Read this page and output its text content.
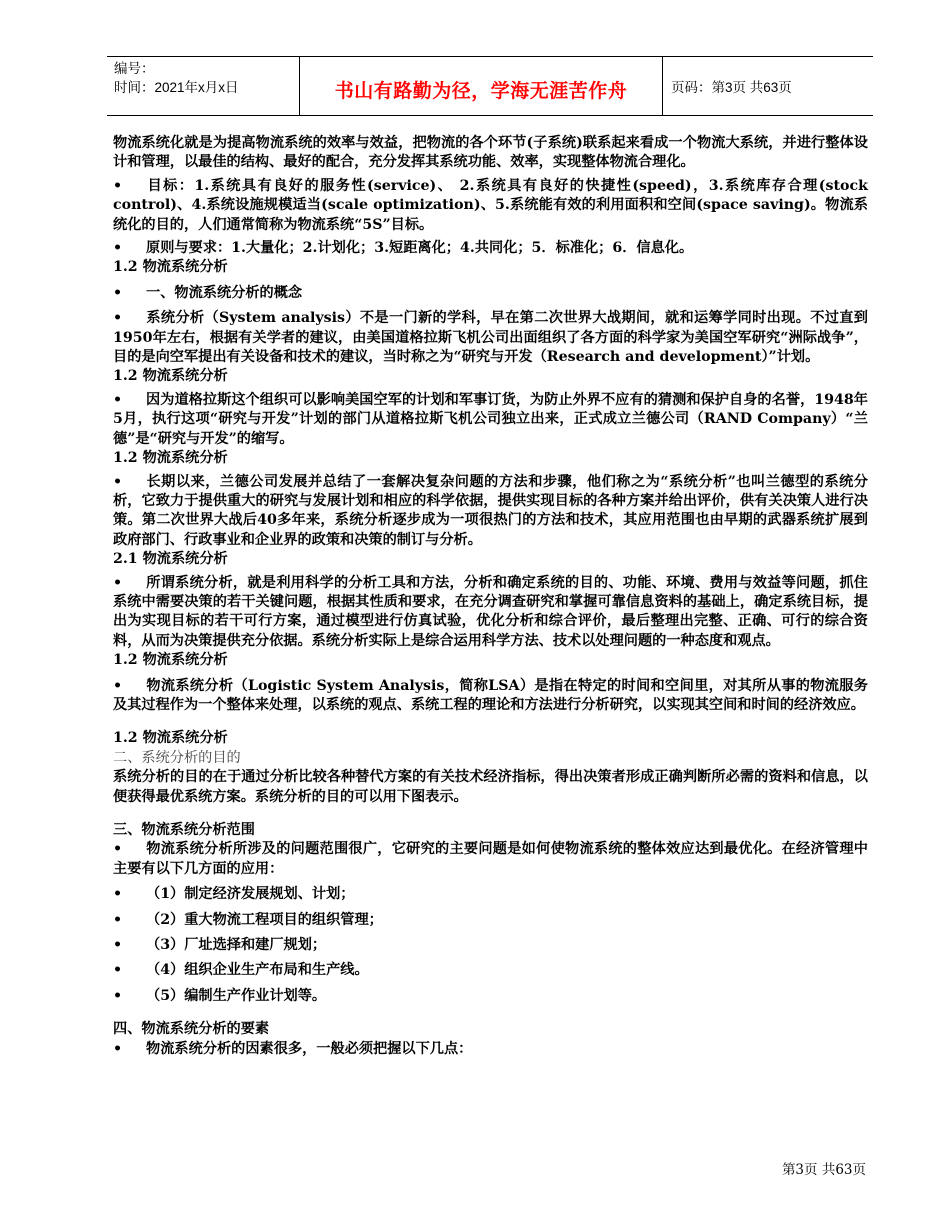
编号：
时间：2021年x月x日	书山有路勤为径，学海无涯苦作舟	页码：第3页 共63页

物流系统化就是为提高物流系统的效率与效益，把物流的各个环节(子系统)联系起来看成一个物流大系统，并进行整体设计和管理，以最佳的结构、最好的配合，充分发挥其系统功能、效率，实现整体物流合理化。

• 目标：1.系统具有良好的服务性(service)、 2.系统具有良好的快捷性(speed)，3.系统库存合理(stock control)、4.系统设施规模适当(scale optimization)、5.系统能有效的利用面积和空间(space saving)。物流系统化的目的，人们通常简称为物流系统“5S”目标。
• 原则与要求：1.大量化；2.计划化；3.短距离化；4.共同化；5．标准化；6．信息化。

1.2 物流系统分析

• 一、物流系统分析的概念
• 系统分析（System analysis）不是一门新的学科，早在第二次世界大战期间，就和运筹学同时出现。不过直到1950年左右，根据有关学者的建议，由美国道格拉斯飞机公司出面组织了各方面的科学家为美国空军研究“洲际战争”，目的是向空军提出有关设备和技术的建议，当时称之为“研究与开发（Research and development）”计划。

1.2 物流系统分析

• 因为道格拉斯这个组织可以影响美国空军的计划和军事订货，为防止外界不应有的猜测和保护自身的名誉，1948年5月，执行这项“研究与开发”计划的部门从道格拉斯飞机公司独立出来，正式成立兰德公司（RAND Company）“兰德”是“研究与开发”的缩写。

1.2 物流系统分析

• 长期以来，兰德公司发展并总结了一套解决复杂问题的方法和步骤，他们称之为“系统分析”也叫兰德型的系统分析，它致力于提供重大的研究与发展计划和相应的科学依据，提供实现目标的各种方案并给出评价，供有关决策人进行决策。第二次世界大战后40多年来，系统分析逐步成为一项很热门的方法和技术，其应用范围也由早期的武器系统扩展到政府部门、行政事业和企业界的政策和决策的制订与分析。

2.1 物流系统分析

• 所谓系统分析，就是利用科学的分析工具和方法，分析和确定系统的目的、功能、环境、费用与效益等问题，抓住系统中需要决策的若干关键问题，根据其性质和要求，在充分调查研究和掌握可靠信息资料的基础上，确定系统目标，提出为实现目标的若干可行方案，通过模型进行仿真试验，优化分析和综合评价，最后整理出完整、正确、可行的综合资料，从而为决策提供充分依据。系统分析实际上是综合运用科学方法、技术以处理问题的一种态度和观点。

1.2 物流系统分析

• 物流系统分析（Logistic System Analysis，简称LSA）是指在特定的时间和空间里，对其所从事的物流服务及其过程作为一个整体来处理，以系统的观点、系统工程的理论和方法进行分析研究，以实现其空间和时间的经济效应。

1.2 物流系统分析

二、系统分析的目的

系统分析的目的在于通过分析比较各种替代方案的有关技术经济指标，得出决策者形成正确判断所必需的资料和信息，以便获得最优系统方案。系统分析的目的可以用下图表示。

三、物流系统分析范围

• 物流系统分析所涉及的问题范围很广，它研究的主要问题是如何使物流系统的整体效应达到最优化。在经济管理中主要有以下几方面的应用：
• （1）制定经济发展规划、计划；
• （2）重大物流工程项目的组织管理；
• （3）厂址选择和建厂规划；
• （4）组织企业生产布局和生产线。
• （5）编制生产作业计划等。

四、物流系统分析的要素

• 物流系统分析的因素很多，一般必须把握以下几点：
第3页 共63页
